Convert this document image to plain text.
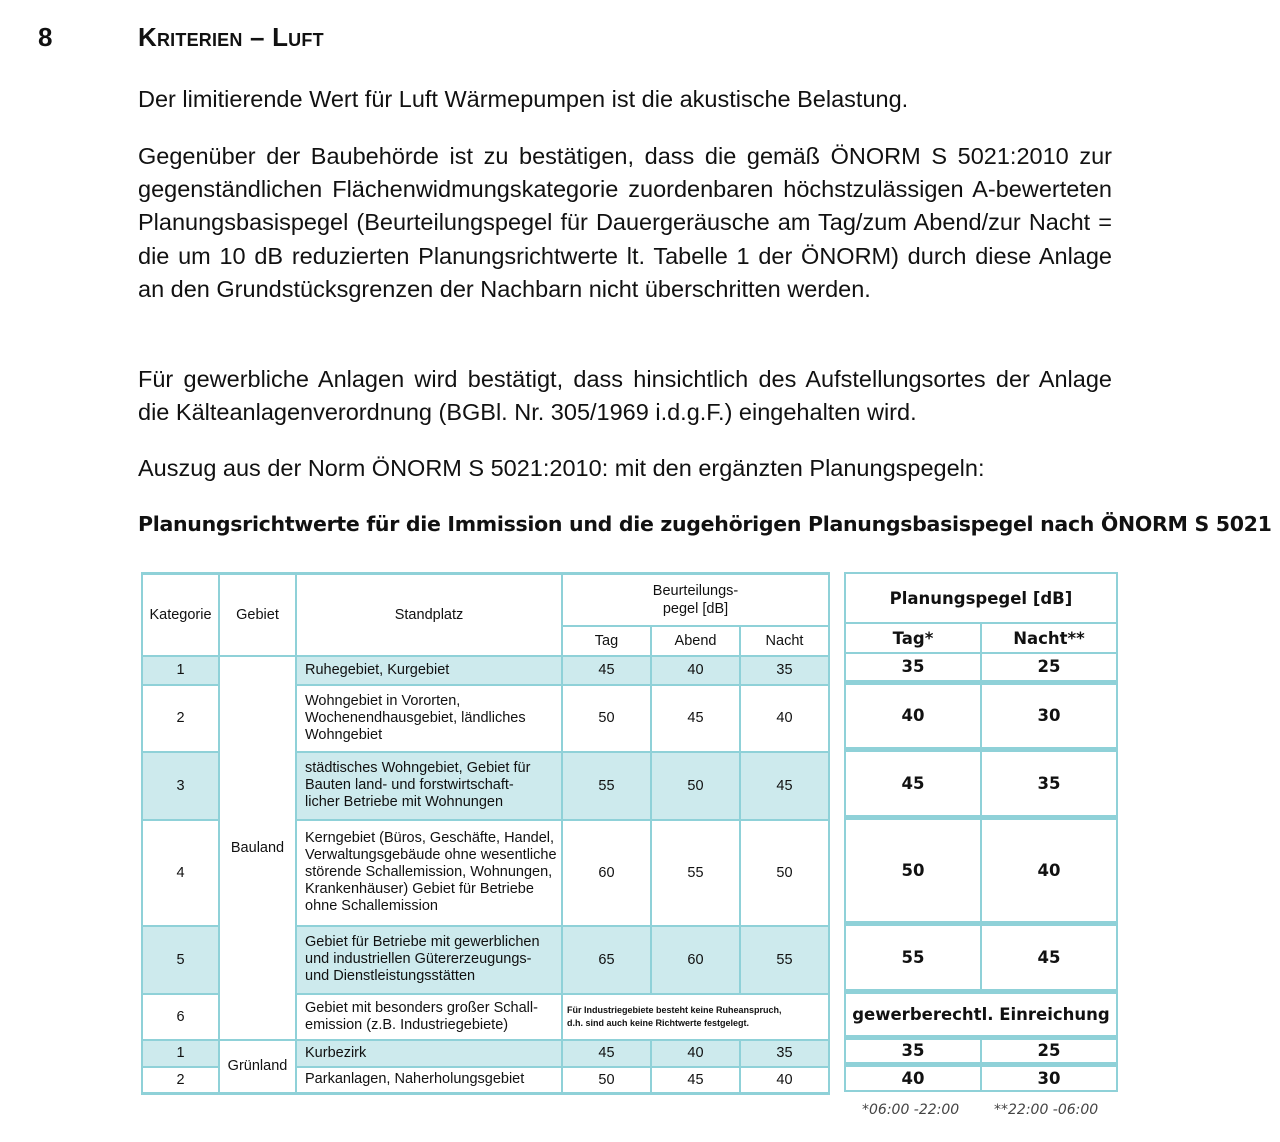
8	Kriterien – Luft
Der limitierende Wert für Luft Wärmepumpen ist die akustische Belastung.
Gegenüber der Baubehörde ist zu bestätigen, dass die gemäß ÖNORM S 5021:2010 zur gegenständlichen Flächenwidmungskategorie zuordenbaren höchstzulässigen A-bewerteten Planungsbasispegel (Beurteilungspegel für Dauergeräusche am Tag/zum Abend/zur Nacht = die um 10 dB reduzierten Planungsrichtwerte lt. Tabelle 1 der ÖNORM) durch diese Anlage an den Grundstücksgrenzen der Nachbarn nicht überschritten werden.
Für gewerbliche Anlagen wird bestätigt, dass hinsichtlich des Aufstellungsortes der Anlage die Kälteanlagenverordnung (BGBl. Nr. 305/1969 i.d.g.F.) eingehalten wird.
Auszug aus der Norm ÖNORM S 5021:2010: mit den ergänzten Planungspegeln:
Planungsrichtwerte für die Immission und die zugehörigen Planungsbasispegel nach ÖNORM S 5021
Kategorie	Gebiet	Standplatz	Beurteilungs-
pegel [dB]		
			Tag	Abend	Nacht
1	Bauland	Ruhegebiet, Kurgebiet	45	40	35
2		Wohngebiet in Vororten,
Wochenendhausgebiet, ländliches
Wohngebiet	50	45	40
3		städtisches Wohngebiet, Gebiet für
Bauten land- und forstwirtschaft-
licher Betriebe mit Wohnungen	55	50	45
4		Kerngebiet (Büros, Geschäfte, Handel,
Verwaltungsgebäude ohne wesentliche
störende Schallemission, Wohnungen,
Krankenhäuser) Gebiet für Betriebe
ohne Schallemission	60	55	50
5		Gebiet für Betriebe mit gewerblichen
und industriellen Gütererzeugungs-
und Dienstleistungsstätten	65	60	55
6		Gebiet mit besonders großer Schall-
emission (z.B. Industriegebiete)	Für Industriegebiete besteht keine Ruheanspruch,
d.h. sind auch keine Richtwerte festgelegt.		
1	Grünland	Kurbezirk	45	40	35
2		Parkanlagen, Naherholungsgebiet	50	45	40
Planungspegel [dB]	
Tag*	Nacht**
35	25
40	30
45	35
50	40
55	45
gewerberechtl. Einreichung	
35	25
40	30
*06:00 -22:00 **22:00 -06:00
